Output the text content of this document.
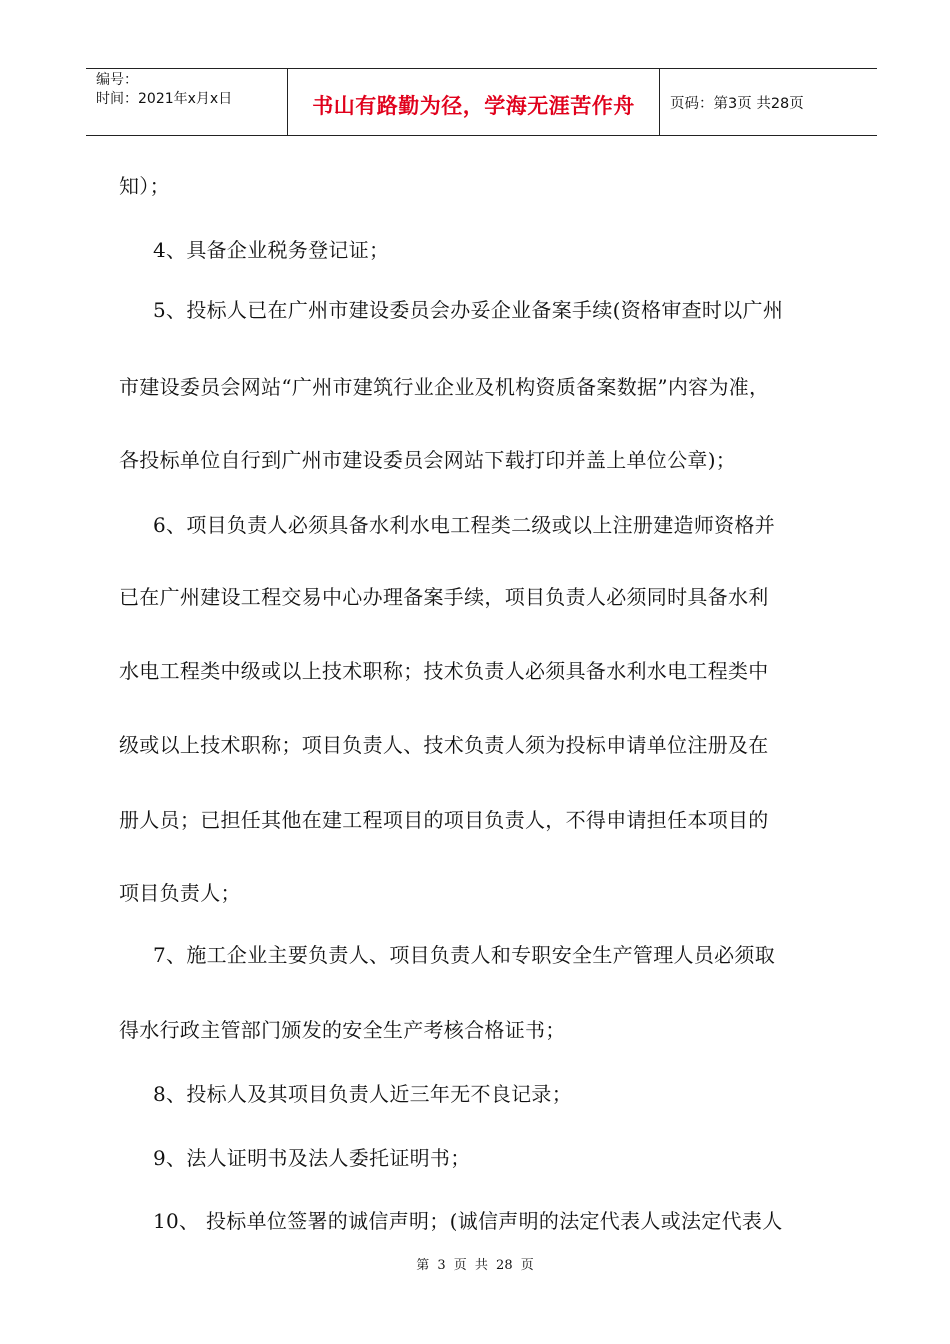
编号：
时间：2021年x月x日	书山有路勤为径，学海无涯苦作舟 页码：第3页 共28页
知）；
4、具备企业税务登记证；
5、投标人已在广州市建设委员会办妥企业备案手续(资格审查时以广州
市建设委员会网站“广州市建筑行业企业及机构资质备案数据”内容为准，
各投标单位自行到广州市建设委员会网站下载打印并盖上单位公章)；
6、项目负责人必须具备水利水电工程类二级或以上注册建造师资格并
已在广州建设工程交易中心办理备案手续，项目负责人必须同时具备水利
水电工程类中级或以上技术职称；技术负责人必须具备水利水电工程类中
级或以上技术职称；项目负责人、技术负责人须为投标申请单位注册及在
册人员；已担任其他在建工程项目的项目负责人，不得申请担任本项目的
项目负责人；
7、施工企业主要负责人、项目负责人和专职安全生产管理人员必须取
得水行政主管部门颁发的安全生产考核合格证书；
8、投标人及其项目负责人近三年无不良记录；
9、法人证明书及法人委托证明书；
10、 投标单位签署的诚信声明；(诚信声明的法定代表人或法定代表人
第 3 页 共 28 页
